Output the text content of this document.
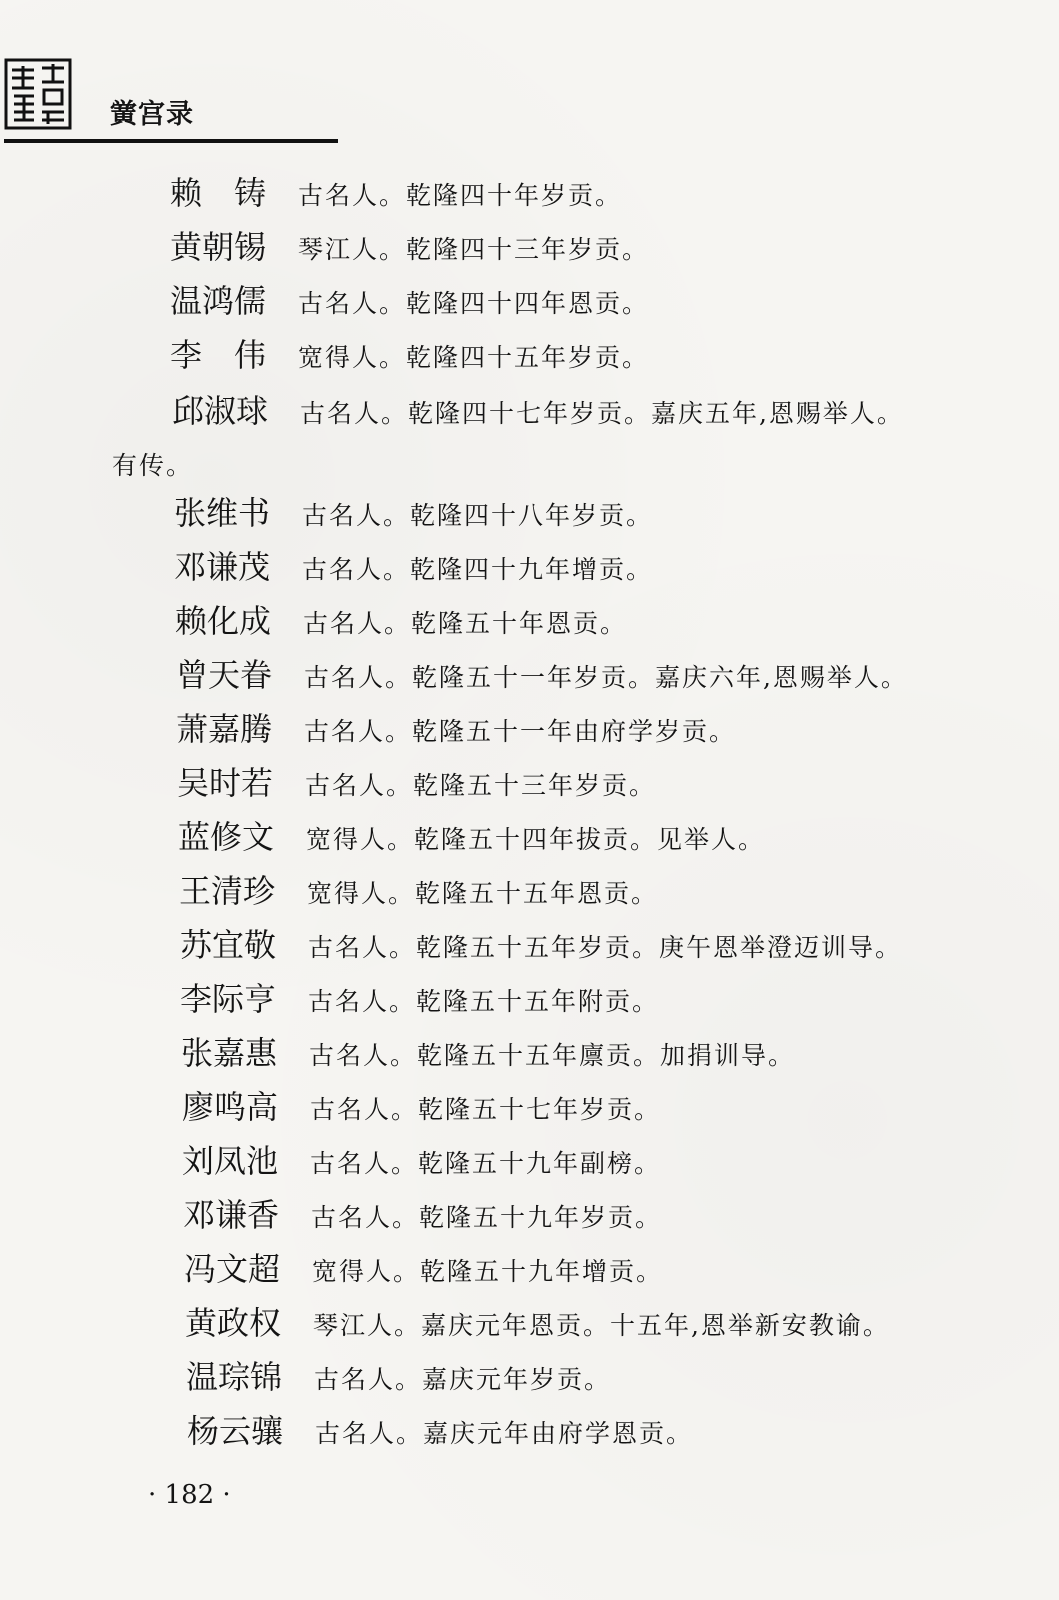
黉宫录
赖　铸 古名人。乾隆四十年岁贡。
黄朝锡 琴江人。乾隆四十三年岁贡。
温鸿儒 古名人。乾隆四十四年恩贡。
李　伟 宽得人。乾隆四十五年岁贡。
邱淑球 古名人。乾隆四十七年岁贡。嘉庆五年,恩赐举人。
有传。
张维书 古名人。乾隆四十八年岁贡。
邓谦茂 古名人。乾隆四十九年增贡。
赖化成 古名人。乾隆五十年恩贡。
曾天眷 古名人。乾隆五十一年岁贡。嘉庆六年,恩赐举人。
萧嘉腾 古名人。乾隆五十一年由府学岁贡。
吴时若 古名人。乾隆五十三年岁贡。
蓝修文 宽得人。乾隆五十四年拔贡。见举人。
王清珍 宽得人。乾隆五十五年恩贡。
苏宜敬 古名人。乾隆五十五年岁贡。庚午恩举澄迈训导。
李际亨 古名人。乾隆五十五年附贡。
张嘉惠 古名人。乾隆五十五年廪贡。加捐训导。
廖鸣高 古名人。乾隆五十七年岁贡。
刘凤池 古名人。乾隆五十九年副榜。
邓谦香 古名人。乾隆五十九年岁贡。
冯文超 宽得人。乾隆五十九年增贡。
黄政权 琴江人。嘉庆元年恩贡。十五年,恩举新安教谕。
温琮锦 古名人。嘉庆元年岁贡。
杨云骧 古名人。嘉庆元年由府学恩贡。
· 182 ·
